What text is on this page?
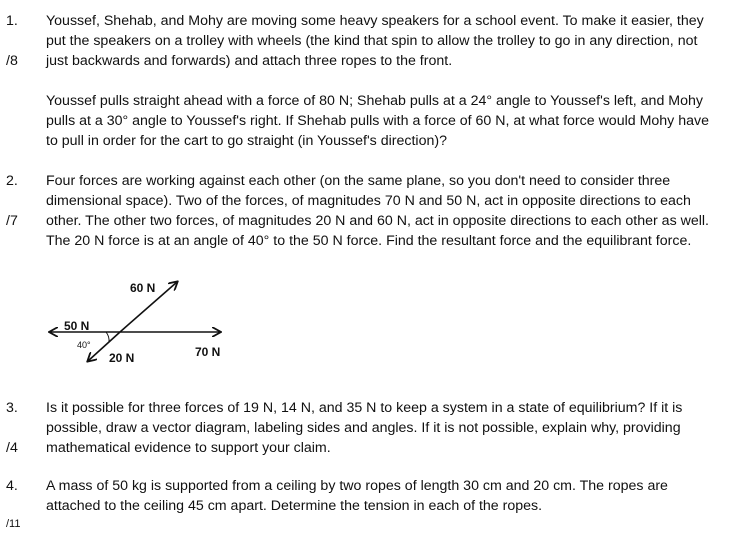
1.
/8
Youssef, Shehab, and Mohy are moving some heavy speakers for a school event. To make it easier, they put the speakers on a trolley with wheels (the kind that spin to allow the trolley to go in any direction, not just backwards and forwards) and attach three ropes to the front.
Youssef pulls straight ahead with a force of 80 N; Shehab pulls at a 24° angle to Youssef's left, and Mohy pulls at a 30° angle to Youssef's right. If Shehab pulls with a force of 60 N, at what force would Mohy have to pull in order for the cart to go straight (in Youssef's direction)?
2.
/7
Four forces are working against each other (on the same plane, so you don't need to consider three dimensional space). Two of the forces, of magnitudes 70 N and 50 N, act in opposite directions to each other. The other two forces, of magnitudes 20 N and 60 N, act in opposite directions to each other as well. The 20 N force is at an angle of 40° to the 50 N force. Find the resultant force and the equilibrant force.
60 N
50 N
40°
20 N	70 N
3.
/4
Is it possible for three forces of 19 N, 14 N, and 35 N to keep a system in a state of equilibrium? If it is possible, draw a vector diagram, labeling sides and angles. If it is not possible, explain why, providing mathematical evidence to support your claim.
4. A mass of 50 kg is supported from a ceiling by two ropes of length 30 cm and 20 cm. The ropes are attached to the ceiling 45 cm apart. Determine the tension in each of the ropes.
/11
